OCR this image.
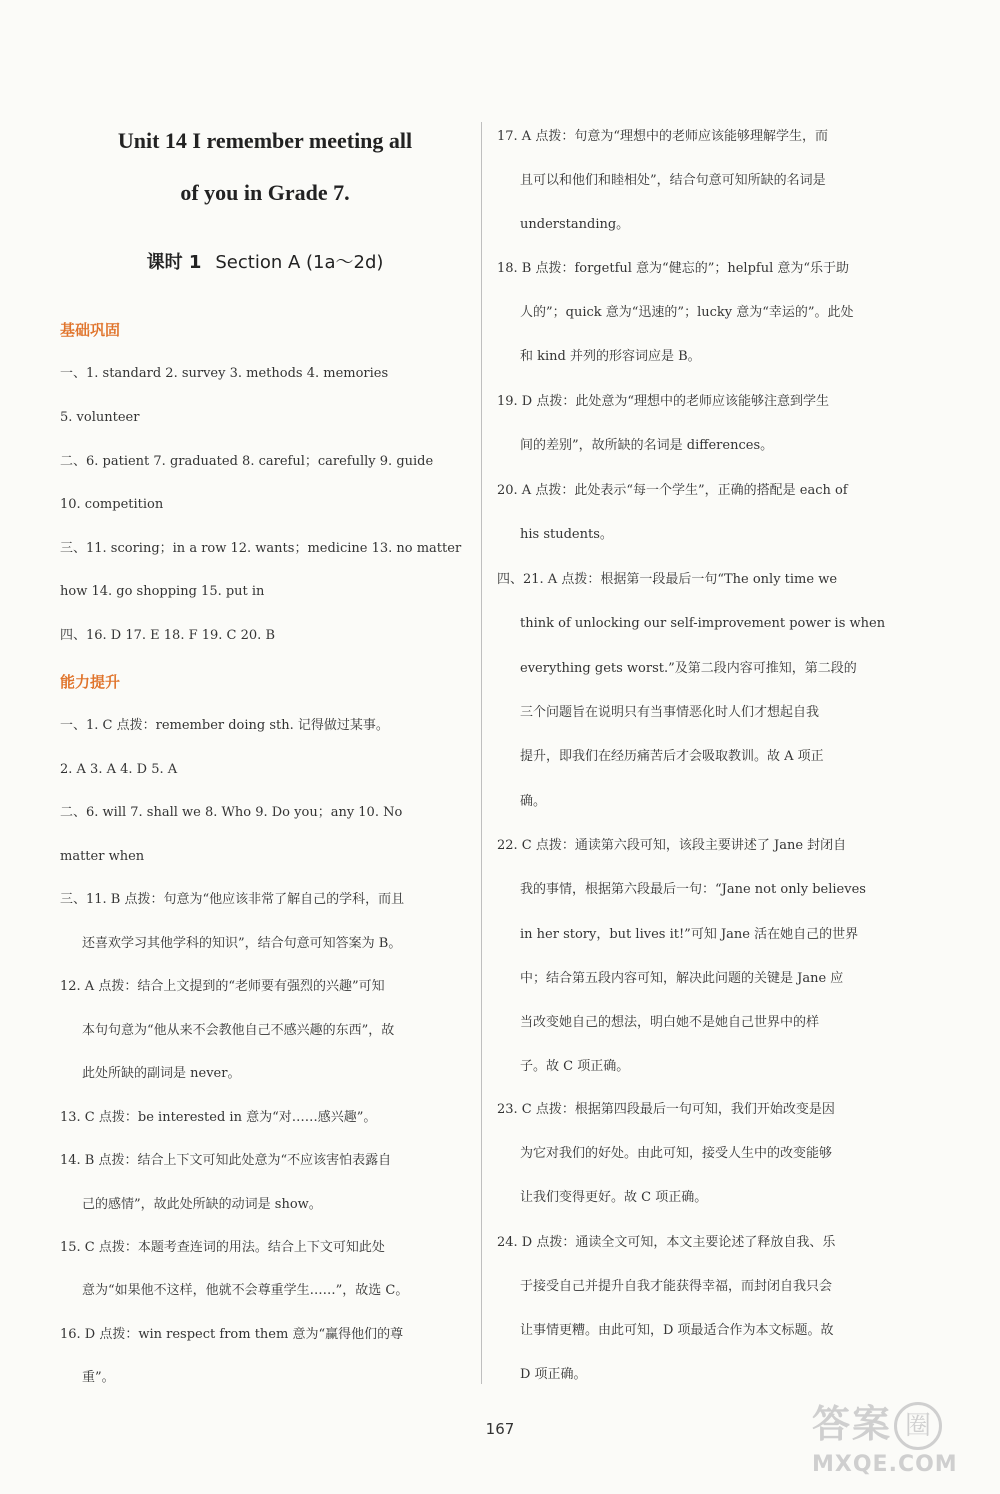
Unit 14 I remember meeting all
of you in Grade 7.
课时 1 Section A (1a～2d)
基础巩固
一、1. standard 2. survey 3. methods 4. memories
5. volunteer
二、6. patient 7. graduated 8. careful；carefully 9. guide
10. competition
三、11. scoring；in a row 12. wants；medicine 13. no matter
how 14. go shopping 15. put in
四、16. D 17. E 18. F 19. C 20. B
能力提升
一、1. C 点拨：remember doing sth. 记得做过某事。
2. A 3. A 4. D 5. A
二、6. will 7. shall we 8. Who 9. Do you；any 10. No
matter when
三、11. B 点拨：句意为“他应该非常了解自己的学科，而且
还喜欢学习其他学科的知识”，结合句意可知答案为 B。
12. A 点拨：结合上文提到的“老师要有强烈的兴趣”可知
本句句意为“他从来不会教他自己不感兴趣的东西”，故
此处所缺的副词是 never。
13. C 点拨：be interested in 意为“对……感兴趣”。
14. B 点拨：结合上下文可知此处意为“不应该害怕表露自
己的感情”，故此处所缺的动词是 show。
15. C 点拨：本题考查连词的用法。结合上下文可知此处
意为“如果他不这样，他就不会尊重学生……”，故选 C。
16. D 点拨：win respect from them 意为“赢得他们的尊
重”。
17. A 点拨：句意为“理想中的老师应该能够理解学生，而
且可以和他们和睦相处”，结合句意可知所缺的名词是
understanding。
18. B 点拨：forgetful 意为“健忘的”；helpful 意为“乐于助
人的”；quick 意为“迅速的”；lucky 意为“幸运的”。此处
和 kind 并列的形容词应是 B。
19. D 点拨：此处意为“理想中的老师应该能够注意到学生
间的差别”，故所缺的名词是 differences。
20. A 点拨：此处表示“每一个学生”，正确的搭配是 each of
his students。
四、21. A 点拨：根据第一段最后一句“The only time we
think of unlocking our self-improvement power is when
everything gets worst.”及第二段内容可推知，第二段的
三个问题旨在说明只有当事情恶化时人们才想起自我
提升，即我们在经历痛苦后才会吸取教训。故 A 项正
确。
22. C 点拨：通读第六段可知，该段主要讲述了 Jane 封闭自
我的事情，根据第六段最后一句：“Jane not only believes
in her story，but lives it!”可知 Jane 活在她自己的世界
中；结合第五段内容可知，解决此问题的关键是 Jane 应
当改变她自己的想法，明白她不是她自己世界中的样
子。故 C 项正确。
23. C 点拨：根据第四段最后一句可知，我们开始改变是因
为它对我们的好处。由此可知，接受人生中的改变能够
让我们变得更好。故 C 项正确。
24. D 点拨：通读全文可知，本文主要论述了释放自我、乐
于接受自己并提升自我才能获得幸福，而封闭自我只会
让事情更糟。由此可知，D 项最适合作为本文标题。故
D 项正确。
167	答案 圈
MXQE.COM
